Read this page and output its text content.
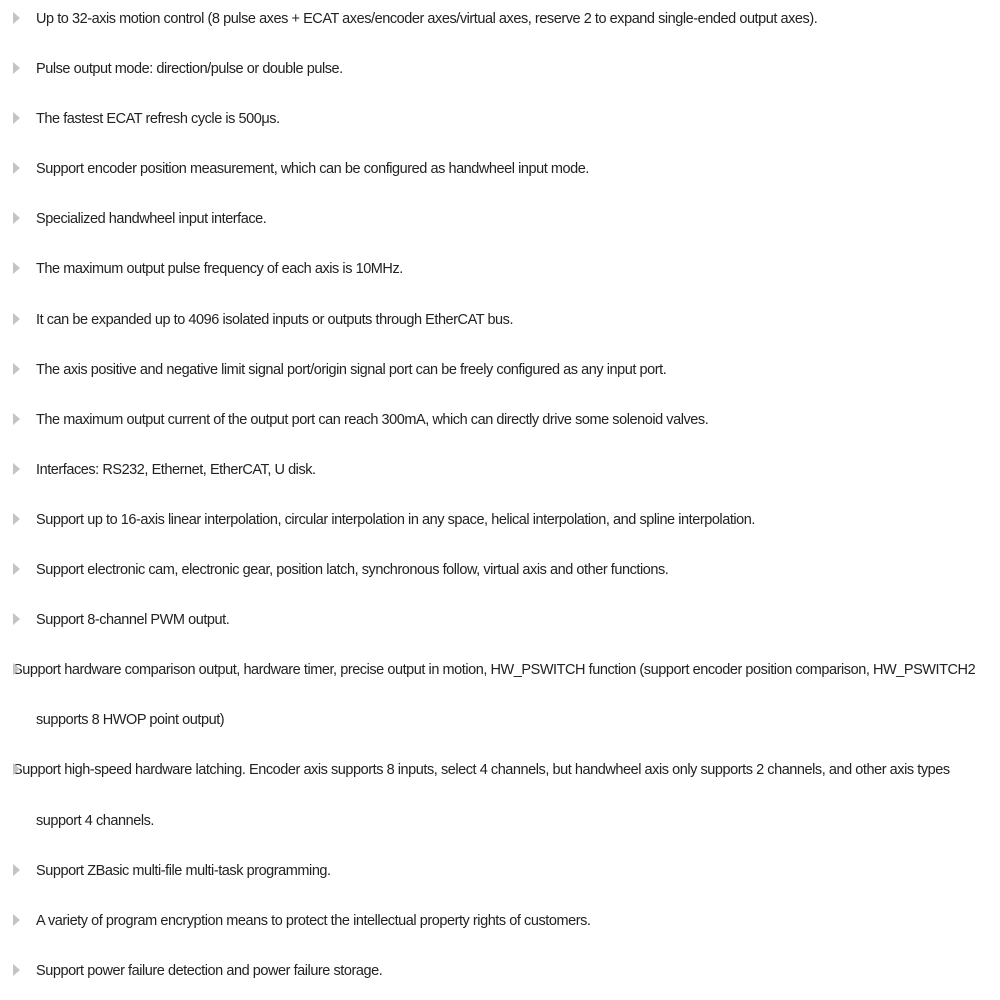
Up to 32-axis motion control (8 pulse axes + ECAT axes/encoder axes/virtual axes, reserve 2 to expand single-ended output axes).
Pulse output mode: direction/pulse or double pulse.
The fastest ECAT refresh cycle is 500μs.
Support encoder position measurement, which can be configured as handwheel input mode.
Specialized handwheel input interface.
The maximum output pulse frequency of each axis is 10MHz.
It can be expanded up to 4096 isolated inputs or outputs through EtherCAT bus.
The axis positive and negative limit signal port/origin signal port can be freely configured as any input port.
The maximum output current of the output port can reach 300mA, which can directly drive some solenoid valves.
Interfaces: RS232, Ethernet, EtherCAT, U disk.
Support up to 16-axis linear interpolation, circular interpolation in any space, helical interpolation, and spline interpolation.
Support electronic cam, electronic gear, position latch, synchronous follow, virtual axis and other functions.
Support 8-channel PWM output.
Support hardware comparison output, hardware timer, precise output in motion, HW_PSWITCH function (support encoder position comparison, HW_PSWITCH2 supports 8 HWOP point output)
Support high-speed hardware latching. Encoder axis supports 8 inputs, select 4 channels, but handwheel axis only supports 2 channels, and other axis types support 4 channels.
Support ZBasic multi-file multi-task programming.
A variety of program encryption means to protect the intellectual property rights of customers.
Support power failure detection and power failure storage.
